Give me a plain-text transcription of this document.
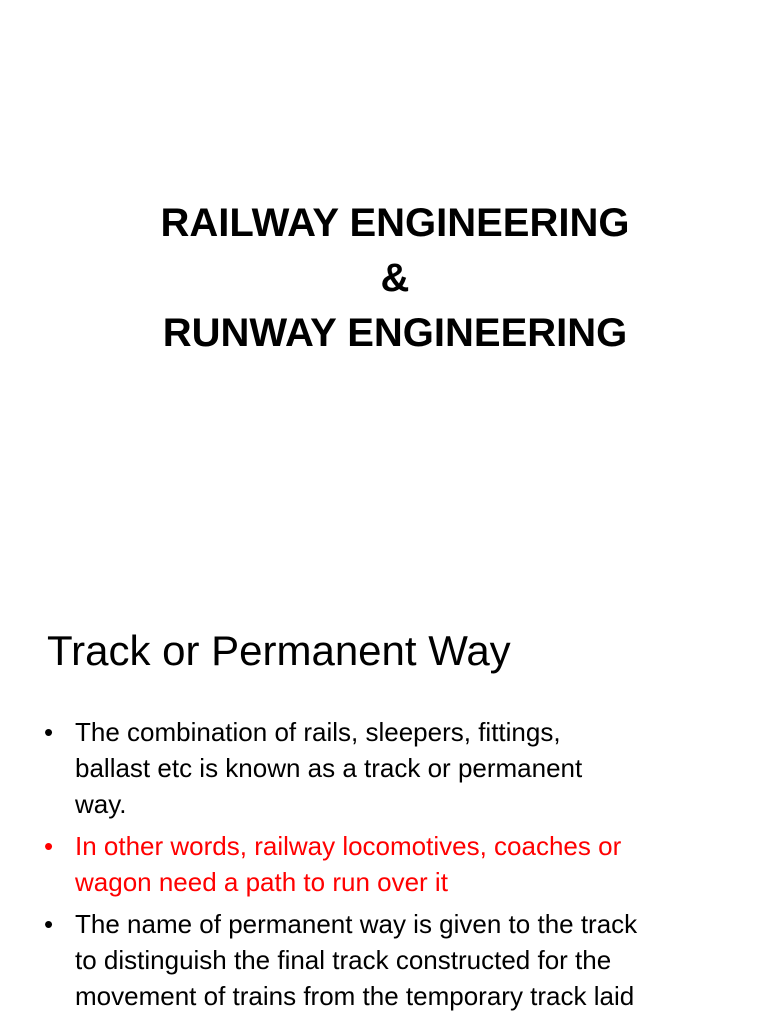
RAILWAY ENGINEERING
&
RUNWAY ENGINEERING
Track or Permanent Way
• The combination of rails, sleepers, fittings,
ballast etc is known as a track or permanent
way.
• In other words, railway locomotives, coaches or
wagon need a path to run over it
• The name of permanent way is given to the track
to distinguish the final track constructed for the
movement of trains from the temporary track laid
